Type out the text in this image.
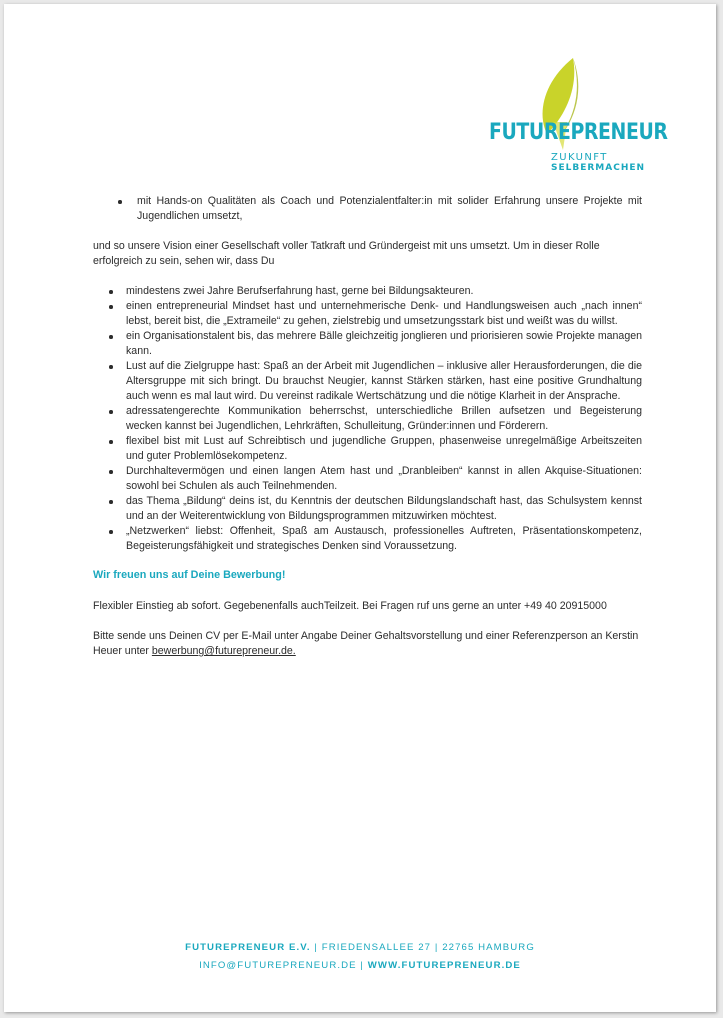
FUTUREPRENEUR
ZUKUNFT
SELBERMACHEN
mit Hands-on Qualitäten als Coach und Potenzialentfalter:in mit solider Erfahrung unsere Projekte mit Jugendlichen umsetzt,

und so unsere Vision einer Gesellschaft voller Tatkraft und Gründergeist mit uns umsetzt. Um in dieser Rolle erfolgreich zu sein, sehen wir, dass Du

mindestens zwei Jahre Berufserfahrung hast, gerne bei Bildungsakteuren.
einen entrepreneurial Mindset hast und unternehmerische Denk- und Handlungsweisen auch „nach innen“ lebst, bereit bist, die „Extrameile“ zu gehen, zielstrebig und umsetzungsstark bist und weißt was du willst.
ein Organisationstalent bis, das mehrere Bälle gleichzeitig jonglieren und priorisieren sowie Projekte managen kann.
Lust auf die Zielgruppe hast: Spaß an der Arbeit mit Jugendlichen – inklusive aller Herausforderungen, die die Altersgruppe mit sich bringt. Du brauchst Neugier, kannst Stärken stärken, hast eine positive Grundhaltung auch wenn es mal laut wird. Du vereinst radikale Wertschätzung und die nötige Klarheit in der Ansprache.
adressatengerechte Kommunikation beherrschst, unterschiedliche Brillen aufsetzen und Begeisterung wecken kannst bei Jugendlichen, Lehrkräften, Schulleitung, Gründer:innen und Förderern.
flexibel bist mit Lust auf Schreibtisch und jugendliche Gruppen, phasenweise unregelmäßige Arbeitszeiten und guter Problemlösekompetenz.
Durchhaltevermögen und einen langen Atem hast und „Dranbleiben“ kannst in allen Akquise-Situationen: sowohl bei Schulen als auch Teilnehmenden.
das Thema „Bildung“ deins ist, du Kenntnis der deutschen Bildungslandschaft hast, das Schulsystem kennst und an der Weiterentwicklung von Bildungsprogrammen mitzuwirken möchtest.
„Netzwerken“ liebst: Offenheit, Spaß am Austausch, professionelles Auftreten, Präsentationskompetenz, Begeisterungsfähigkeit und strategisches Denken sind Voraussetzung.

Wir freuen uns auf Deine Bewerbung!

Flexibler Einstieg ab sofort. Gegebenenfalls auchTeilzeit. Bei Fragen ruf uns gerne an unter +49 40 20915000

Bitte sende uns Deinen CV per E-Mail unter Angabe Deiner Gehaltsvorstellung und einer Referenzperson an Kerstin Heuer unter bewerbung@futurepreneur.de.

FUTUREPRENEUR E.V. | FRIEDENSALLEE 27 | 22765 HAMBURG
INFO@FUTUREPRENEUR.DE | WWW.FUTUREPRENEUR.DE
